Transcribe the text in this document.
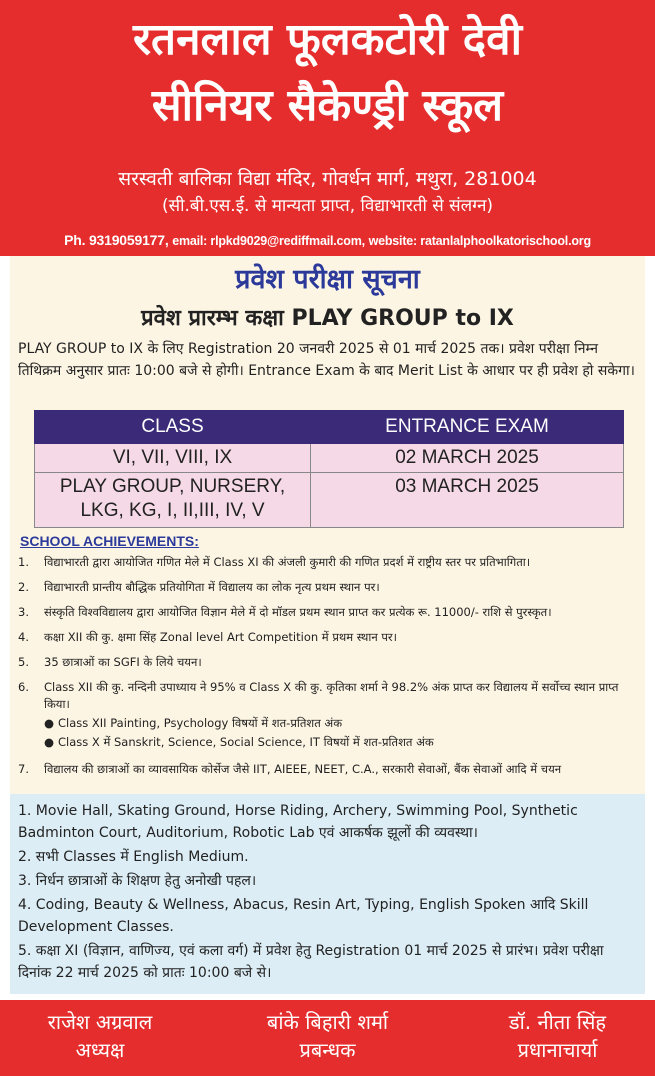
रतनलाल फूलकटोरी देवी
सीनियर सैकेण्ड्री स्कूल
सरस्वती बालिका विद्या मंदिर, गोवर्धन मार्ग, मथुरा, 281004
(सी.बी.एस.ई. से मान्यता प्राप्त, विद्याभारती से संलग्न)
Ph. 9319059177, email: rlpkd9029@rediffmail.com, website: ratanlalphoolkatorischool.org
प्रवेश परीक्षा सूचना
प्रवेश प्रारम्भ कक्षा PLAY GROUP to IX
PLAY GROUP to IX के लिए Registration 20 जनवरी 2025 से 01 मार्च 2025 तक। प्रवेश परीक्षा निम्न तिथिक्रम अनुसार प्रातः 10:00 बजे से होगी। Entrance Exam के बाद Merit List के आधार पर ही प्रवेश हो सकेगा।
CLASS	ENTRANCE EXAM
VI, VII, VIII, IX	02 MARCH 2025
PLAY GROUP, NURSERY, LKG, KG, I, II,III, IV, V	03 MARCH 2025
SCHOOL ACHIEVEMENTS:
1.	विद्याभारती द्वारा आयोजित गणित मेले में Class XI की अंजली कुमारी की गणित प्रदर्श में राष्ट्रीय स्तर पर प्रतिभागिता।
2.	विद्याभारती प्रान्तीय बौद्धिक प्रतियोगिता में विद्यालय का लोक नृत्य प्रथम स्थान पर।
3.	संस्कृति विश्वविद्यालय द्वारा आयोजित विज्ञान मेले में दो मॉडल प्रथम स्थान प्राप्त कर प्रत्येक रू. 11000/- राशि से पुरस्कृत।
4.	कक्षा XII की कु. क्षमा सिंह Zonal level Art Competition में प्रथम स्थान पर।
5.	35 छात्राओं का SGFI के लिये चयन।
6.	Class XII की कु. नन्दिनी उपाध्याय ने 95% व Class X की कु. कृतिका शर्मा ने 98.2% अंक प्राप्त कर विद्यालय में सर्वोच्च स्थान प्राप्त किया।
● Class XII Painting, Psychology विषयों में शत-प्रतिशत अंक
● Class X में Sanskrit, Science, Social Science, IT विषयों में शत-प्रतिशत अंक
7.	विद्यालय की छात्राओं का व्यावसायिक कोर्सेज जैसे IIT, AIEEE, NEET, C.A., सरकारी सेवाओं, बैंक सेवाओं आदि में चयन
1. Movie Hall, Skating Ground, Horse Riding, Archery, Swimming Pool, Synthetic Badminton Court, Auditorium, Robotic Lab एवं आकर्षक झूलों की व्यवस्था।
2. सभी Classes में English Medium.
3. निर्धन छात्राओं के शिक्षण हेतु अनोखी पहल।
4. Coding, Beauty & Wellness, Abacus, Resin Art, Typing, English Spoken आदि Skill Development Classes.
5. कक्षा XI (विज्ञान, वाणिज्य, एवं कला वर्ग) में प्रवेश हेतु Registration 01 मार्च 2025 से प्रारंभ। प्रवेश परीक्षा दिनांक 22 मार्च 2025 को प्रातः 10:00 बजे से।
राजेश अग्रवाल
अध्यक्ष
बांके बिहारी शर्मा
प्रबन्धक
डॉ. नीता सिंह
प्रधानाचार्या
